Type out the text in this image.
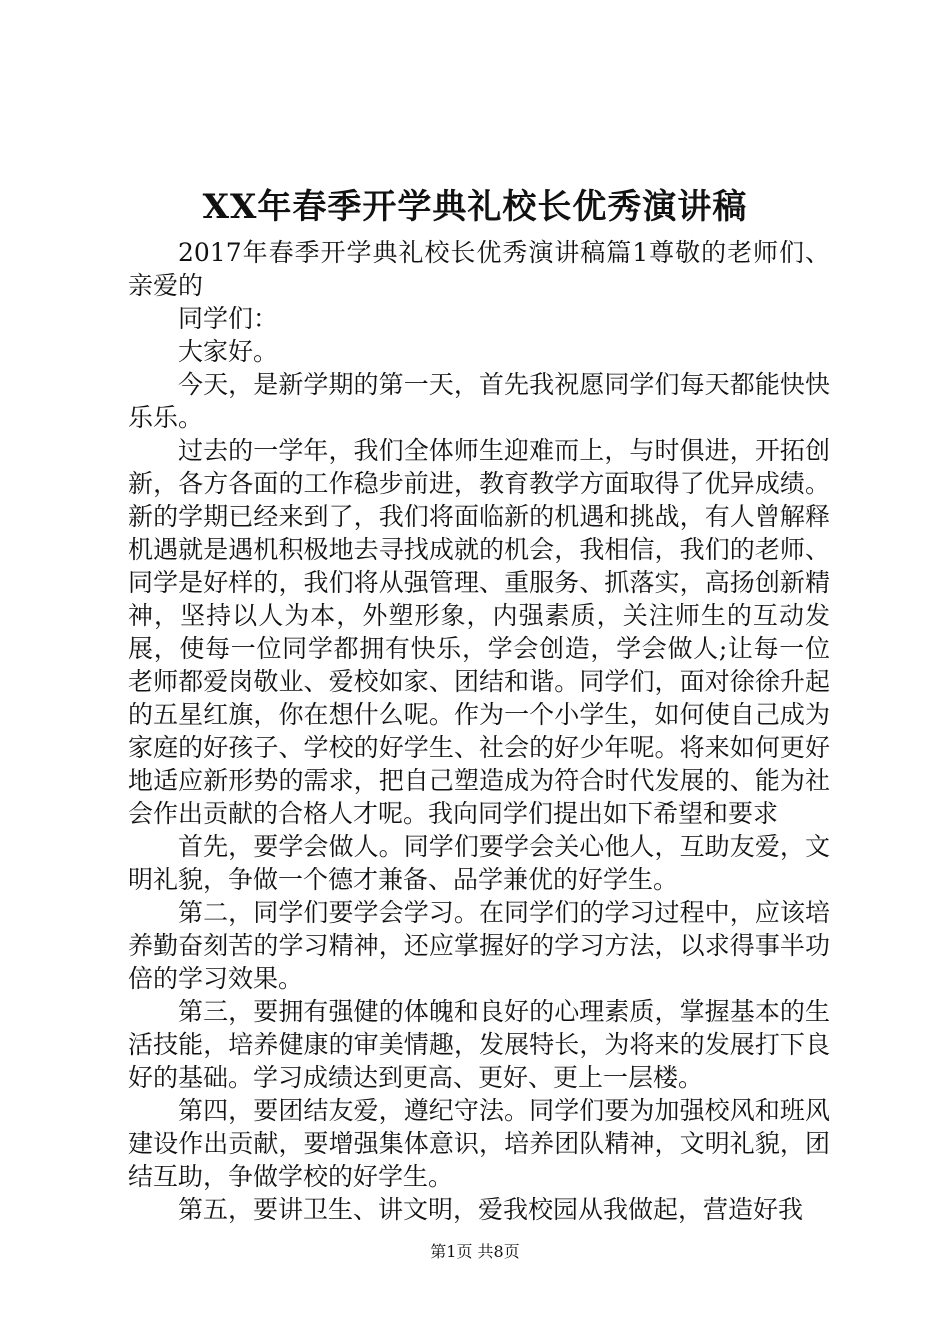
XX年春季开学典礼校长优秀演讲稿

2017年春季开学典礼校长优秀演讲稿篇1尊敬的老师们、亲爱的

同学们：

大家好。

今天，是新学期的第一天，首先我祝愿同学们每天都能快快乐乐。

过去的一学年，我们全体师生迎难而上，与时俱进，开拓创新，各方各面的工作稳步前进，教育教学方面取得了优异成绩。新的学期已经来到了，我们将面临新的机遇和挑战，有人曾解释机遇就是遇机积极地去寻找成就的机会，我相信，我们的老师、同学是好样的，我们将从强管理、重服务、抓落实，高扬创新精神，坚持以人为本，外塑形象，内强素质，关注师生的互动发展，使每一位同学都拥有快乐，学会创造，学会做人;让每一位老师都爱岗敬业、爱校如家、团结和谐。同学们，面对徐徐升起的五星红旗，你在想什么呢。作为一个小学生，如何使自己成为家庭的好孩子、学校的好学生、社会的好少年呢。将来如何更好地适应新形势的需求，把自己塑造成为符合时代发展的、能为社会作出贡献的合格人才呢。我向同学们提出如下希望和要求

首先，要学会做人。同学们要学会关心他人，互助友爱，文明礼貌，争做一个德才兼备、品学兼优的好学生。

第二，同学们要学会学习。在同学们的学习过程中，应该培养勤奋刻苦的学习精神，还应掌握好的学习方法，以求得事半功倍的学习效果。

第三，要拥有强健的体魄和良好的心理素质，掌握基本的生活技能，培养健康的审美情趣，发展特长，为将来的发展打下良好的基础。学习成绩达到更高、更好、更上一层楼。

第四，要团结友爱，遵纪守法。同学们要为加强校风和班风建设作出贡献，要增强集体意识，培养团队精神，文明礼貌，团结互助，争做学校的好学生。

第五，要讲卫生、讲文明，爱我校园从我做起，营造好我

第1页 共8页
